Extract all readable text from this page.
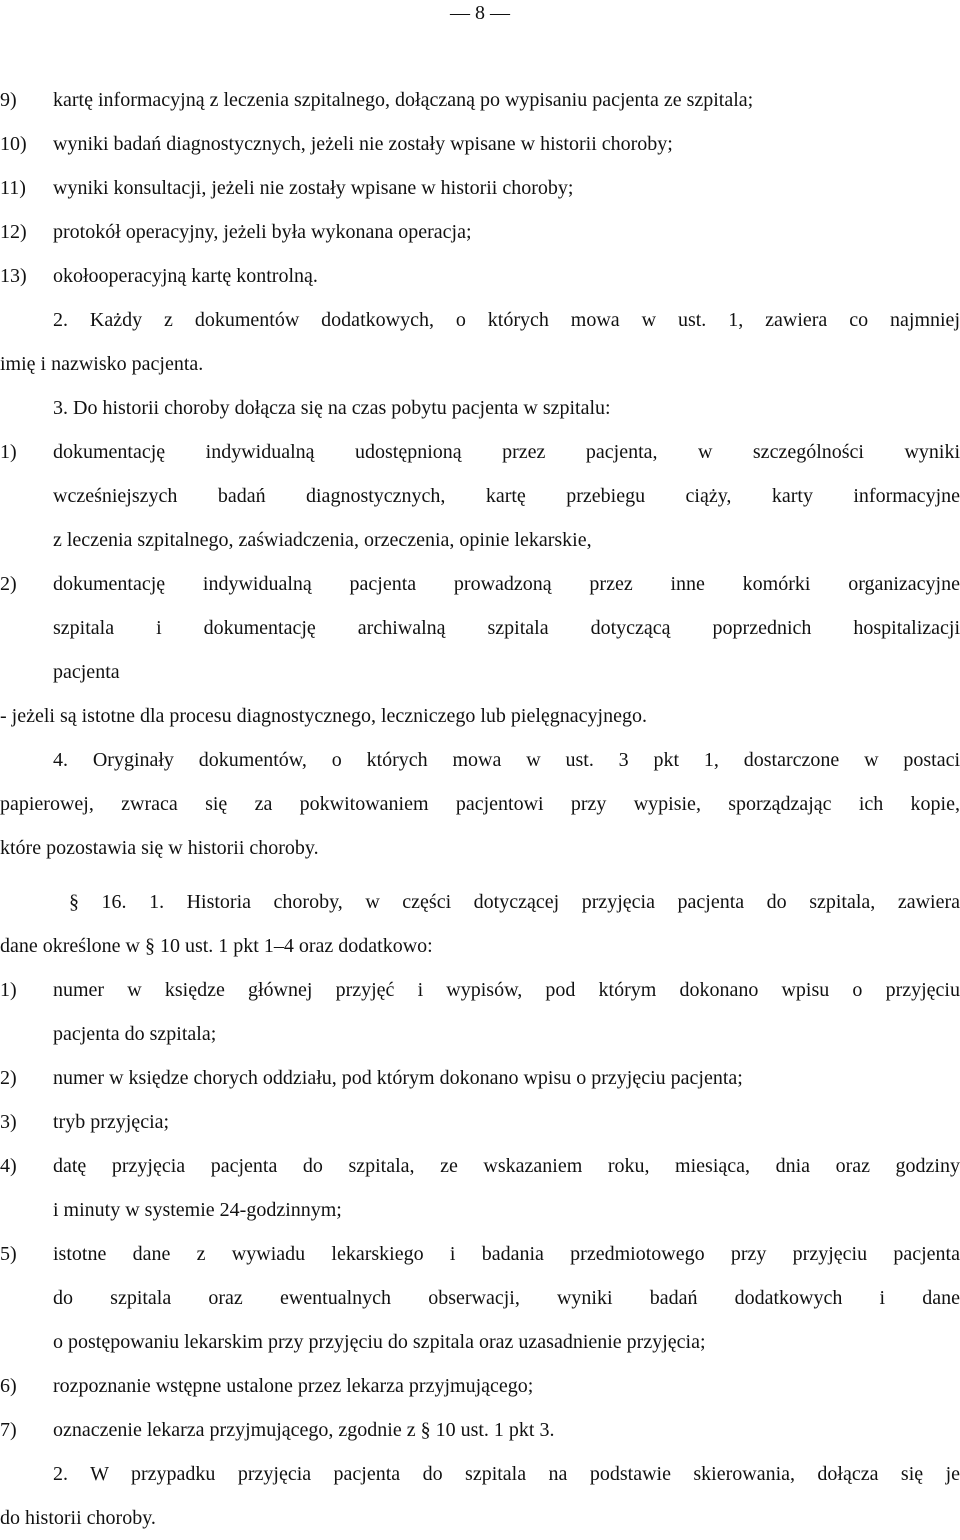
— 8 —
9)	kartę informacyjną z leczenia szpitalnego, dołączaną po wypisaniu pacjenta ze szpitala;
10)	wyniki badań diagnostycznych, jeżeli nie zostały wpisane w historii choroby;
11)	wyniki konsultacji, jeżeli nie zostały wpisane w historii choroby;
12)	protokół operacyjny, jeżeli była wykonana operacja;
13)	okołooperacyjną kartę kontrolną.
2. Każdy z dokumentów dodatkowych, o których mowa w ust. 1, zawiera co najmniej
imię i nazwisko pacjenta.
3. Do historii choroby dołącza się na czas pobytu pacjenta w szpitalu:
1)	dokumentację indywidualną udostępnioną przez pacjenta, w szczególności wyniki
wcześniejszych badań diagnostycznych, kartę przebiegu ciąży, karty informacyjne
z leczenia szpitalnego, zaświadczenia, orzeczenia, opinie lekarskie,
2)	dokumentację indywidualną pacjenta prowadzoną przez inne komórki organizacyjne
szpitala i dokumentację archiwalną szpitala dotyczącą poprzednich hospitalizacji
pacjenta
- jeżeli są istotne dla procesu diagnostycznego, leczniczego lub pielęgnacyjnego.
4. Oryginały dokumentów, o których mowa w ust. 3 pkt 1, dostarczone w postaci
papierowej, zwraca się za pokwitowaniem pacjentowi przy wypisie, sporządzając ich kopie,
które pozostawia się w historii choroby.
§ 16. 1. Historia choroby, w części dotyczącej przyjęcia pacjenta do szpitala, zawiera
dane określone w § 10 ust. 1 pkt 1–4 oraz dodatkowo:
1)	numer w księdze głównej przyjęć i wypisów, pod którym dokonano wpisu o przyjęciu
pacjenta do szpitala;
2)	numer w księdze chorych oddziału, pod którym dokonano wpisu o przyjęciu pacjenta;
3)	tryb przyjęcia;
4)	datę przyjęcia pacjenta do szpitala, ze wskazaniem roku, miesiąca, dnia oraz godziny
i minuty w systemie 24-godzinnym;
5)	istotne dane z wywiadu lekarskiego i badania przedmiotowego przy przyjęciu pacjenta
do szpitala oraz ewentualnych obserwacji, wyniki badań dodatkowych i dane
o postępowaniu lekarskim przy przyjęciu do szpitala oraz uzasadnienie przyjęcia;
6)	rozpoznanie wstępne ustalone przez lekarza przyjmującego;
7)	oznaczenie lekarza przyjmującego, zgodnie z § 10 ust. 1 pkt 3.
2. W przypadku przyjęcia pacjenta do szpitala na podstawie skierowania, dołącza się je
do historii choroby.
